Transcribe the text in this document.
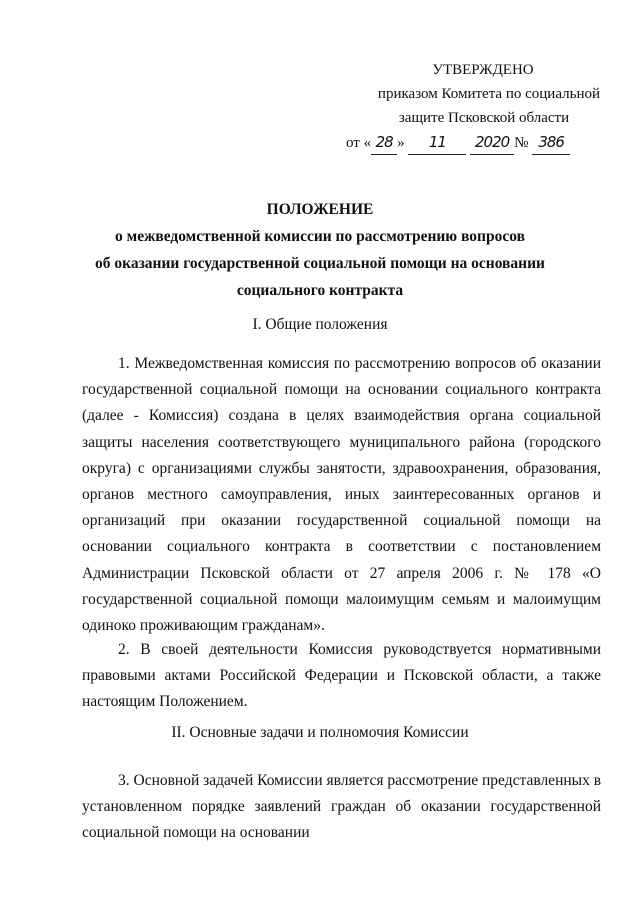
УТВЕРЖДЕНО
приказом Комитета по социальной
защите Псковской области
от « 28 » 11 2020 № 386
ПОЛОЖЕНИЕ
о межведомственной комиссии по рассмотрению вопросов
об оказании государственной социальной помощи на основании
социального контракта
I. Общие положения

1. Межведомственная комиссия по рассмотрению вопросов об оказании государственной социальной помощи на основании социального контракта (далее - Комиссия) создана в целях взаимодействия органа социальной защиты населения соответствующего муниципального района (городского округа) с организациями службы занятости, здравоохранения, образования, органов местного самоуправления, иных заинтересованных органов и организаций при оказании государственной социальной помощи на основании социального контракта в соответствии с постановлением Администрации Псковской области от 27 апреля 2006 г. № 178 «О государственной социальной помощи малоимущим семьям и малоимущим одиноко проживающим гражданам».

2. В своей деятельности Комиссия руководствуется нормативными правовыми актами Российской Федерации и Псковской области, а также настоящим Положением.

II. Основные задачи и полномочия Комиссии

3. Основной задачей Комиссии является рассмотрение представленных в установленном порядке заявлений граждан об оказании государственной социальной помощи на основании
